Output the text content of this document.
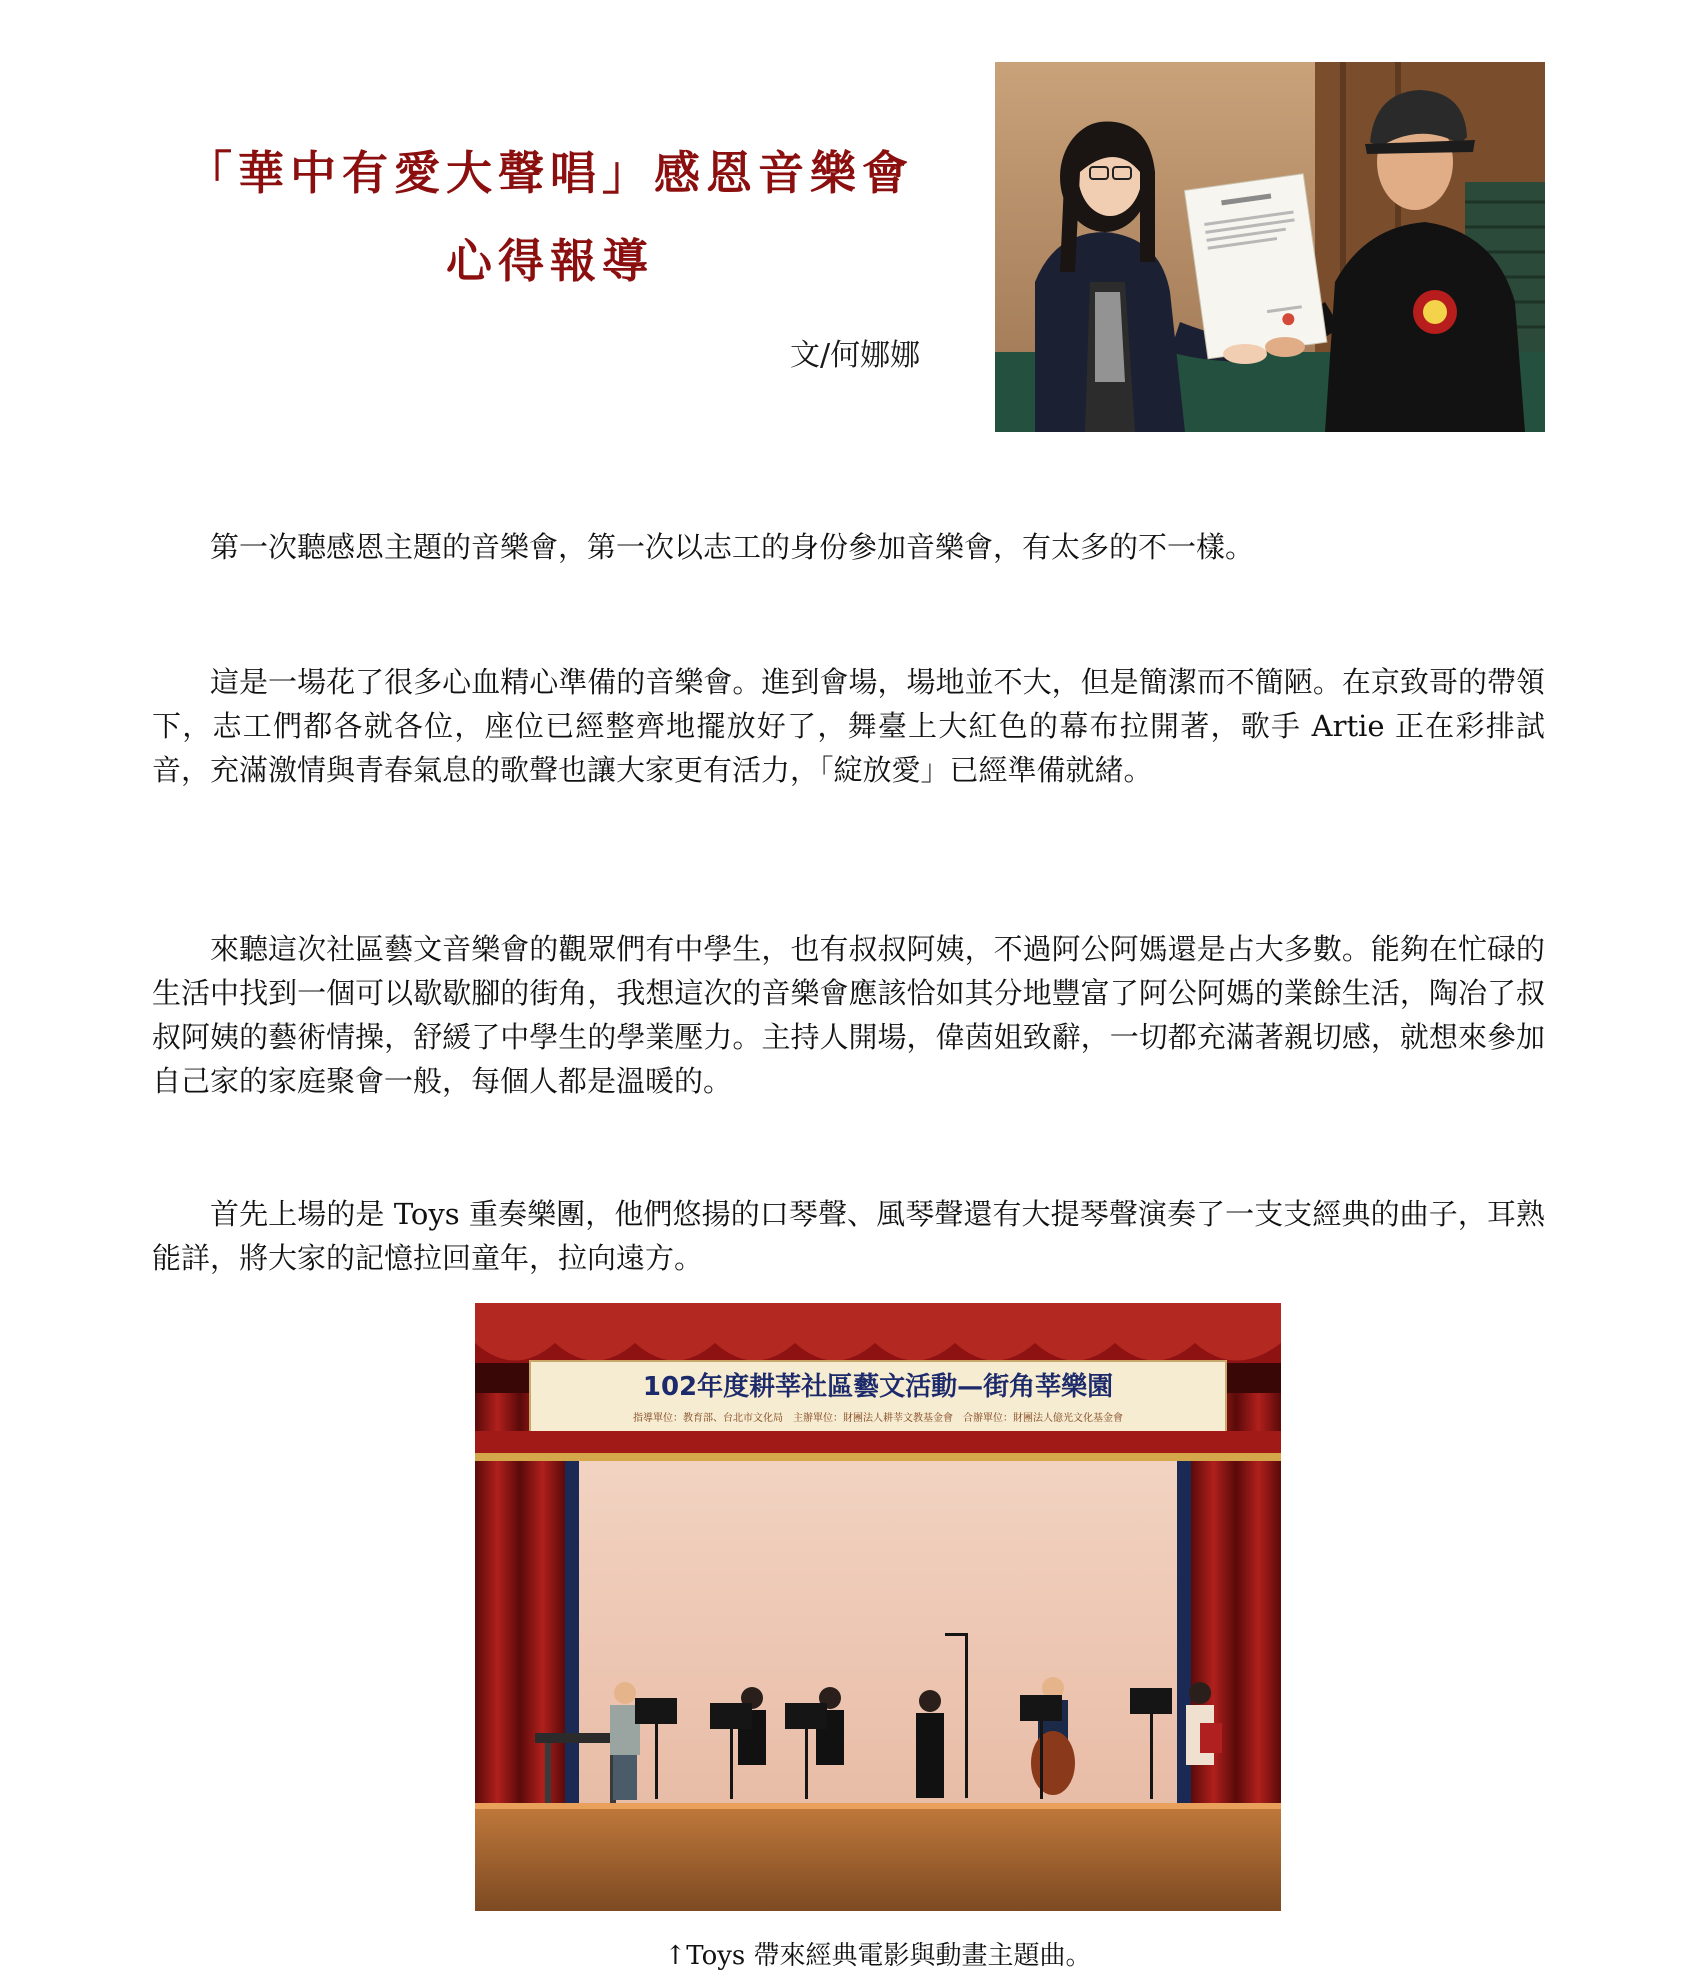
「華中有愛大聲唱」感恩音樂會
心得報導
文/何娜娜

第一次聽感恩主題的音樂會，第一次以志工的身份參加音樂會，有太多的不一樣。

這是一場花了很多心血精心準備的音樂會。進到會場，場地並不大，但是簡潔而不簡陋。在京致哥的帶領下，志工們都各就各位，座位已經整齊地擺放好了，舞臺上大紅色的幕布拉開著，歌手 Artie 正在彩排試音，充滿激情與青春氣息的歌聲也讓大家更有活力，「綻放愛」已經準備就緒。

來聽這次社區藝文音樂會的觀眾們有中學生，也有叔叔阿姨，不過阿公阿媽還是占大多數。能夠在忙碌的生活中找到一個可以歇歇腳的街角，我想這次的音樂會應該恰如其分地豐富了阿公阿媽的業餘生活，陶冶了叔叔阿姨的藝術情操，舒緩了中學生的學業壓力。主持人開場，偉茵姐致辭，一切都充滿著親切感，就想來參加自己家的家庭聚會一般，每個人都是溫暖的。

首先上場的是 Toys 重奏樂團，他們悠揚的口琴聲、風琴聲還有大提琴聲演奏了一支支經典的曲子，耳熟能詳，將大家的記憶拉回童年，拉向遠方。

102年度耕莘社區藝文活動—街角莘樂園
指導單位：教育部、台北市文化局　主辦單位：財團法人耕莘文教基金會　合辦單位：財團法人億光文化基金會
↑Toys 帶來經典電影與動畫主題曲。
